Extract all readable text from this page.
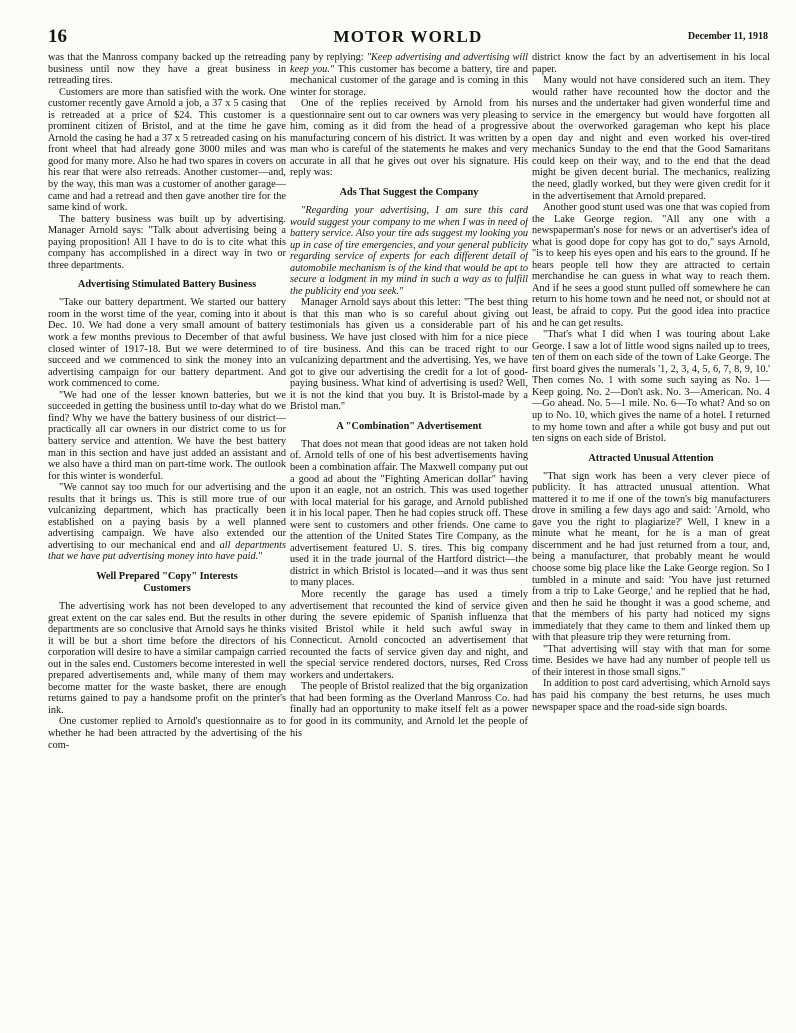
16	MOTOR WORLD	December 11, 1918

was that the Manross company backed up the retreading business until now they have a great business in retreading tires.

Customers are more than satisfied with the work. One customer recently gave Arnold a job, a 37 x 5 casing that is retreaded at a price of $24. This customer is a prominent citizen of Bristol, and at the time he gave Arnold the casing he had a 37 x 5 retreaded casing on his front wheel that had already gone 3000 miles and was good for many more. Also he had two spares in covers on his rear that were also retreads. Another customer—and, by the way, this man was a customer of another garage—came and had a retread and then gave another tire for the same kind of work.

The battery business was built up by advertising. Manager Arnold says: "Talk about advertising being a paying proposition! All I have to do is to cite what this company has accomplished in a direct way in two or three departments.

Advertising Stimulated Battery Business

"Take our battery department. We started our battery room in the worst time of the year, coming into it about Dec. 10. We had done a very small amount of battery work a few months previous to December of that awful closed winter of 1917-18. But we were determined to succeed and we commenced to sink the money into an advertising campaign for our battery department. And work commenced to come.

"We had one of the lesser known batteries, but we succeeded in getting the business until to-day what do we find? Why we have the battery business of our district—practically all car owners in our district come to us for battery service and attention. We have the best battery man in this section and have just added an assistant and we also have a third man on part-time work. The outlook for this winter is wonderful.

"We cannot say too much for our advertising and the results that it brings us. This is still more true of our vulcanizing department, which has practically been established on a paying basis by a well planned advertising campaign. We have also extended our advertising to our mechanical end and all departments that we have put advertising money into have paid."

Well Prepared "Copy" Interests
Customers

The advertising work has not been developed to any great extent on the car sales end. But the results in other departments are so conclusive that Arnold says he thinks it will be but a short time before the directors of his corporation will desire to have a similar campaign carried out in the sales end. Customers become interested in well prepared advertisements and, while many of them may become matter for the waste basket, there are enough returns gained to pay a handsome profit on the printer's ink.

One customer replied to Arnold's questionnaire as to whether he had been attracted by the advertising of the com-

pany by replying: "Keep advertising and advertising will keep you." This customer has become a battery, tire and mechanical customer of the garage and is coming in this winter for storage.

One of the replies received by Arnold from his questionnaire sent out to car owners was very pleasing to him, coming as it did from the head of a progressive manufacturing concern of his district. It was written by a man who is careful of the statements he makes and very accurate in all that he gives out over his signature. His reply was:

Ads That Suggest the Company

"Regarding your advertising, I am sure this card would suggest your company to me when I was in need of battery service. Also your tire ads suggest my looking you up in case of tire emergencies, and your general publicity regarding service of experts for each different detail of automobile mechanism is of the kind that would be apt to secure a lodgment in my mind in such a way as to fulfill the publicity end you seek."

Manager Arnold says about this letter: "The best thing is that this man who is so careful about giving out testimonials has given us a considerable part of his business. We have just closed with him for a nice piece of tire business. And this can be traced right to our vulcanizing department and the advertising. Yes, we have got to give our advertising the credit for a lot of good-paying business. What kind of advertising is used? Well, it is not the kind that you buy. It is Bristol-made by a Bristol man."

A "Combination" Advertisement

That does not mean that good ideas are not taken hold of. Arnold tells of one of his best advertisements having been a combination affair. The Maxwell company put out a good ad about the "Fighting American dollar" having upon it an eagle, not an ostrich. This was used together with local material for his garage, and Arnold published it in his local paper. Then he had copies struck off. These were sent to customers and other friends. One came to the attention of the United States Tire Company, as the advertisement featured U. S. tires. This big company used it in the trade journal of the Hartford district—the district in which Bristol is located—and it was thus sent to many places.

More recently the garage has used a timely advertisement that recounted the kind of service given during the severe epidemic of Spanish influenza that visited Bristol while it held such awful sway in Connecticut. Arnold concocted an advertisement that recounted the facts of service given day and night, and the special service rendered doctors, nurses, Red Cross workers and undertakers.

The people of Bristol realized that the big organization that had been forming as the Overland Manross Co. had finally had an opportunity to make itself felt as a power for good in its community, and Arnold let the people of his

district know the fact by an advertisement in his local paper.

Many would not have considered such an item. They would rather have recounted how the doctor and the nurses and the undertaker had given wonderful time and service in the emergency but would have forgotten all about the overworked garageman who kept his place open day and night and even worked his over-tired mechanics Sunday to the end that the Good Samaritans could keep on their way, and to the end that the dead might be given decent burial. The mechanics, realizing the need, gladly worked, but they were given credit for it in the advertisement that Arnold prepared.

Another good stunt used was one that was copied from the Lake George region. "All any one with a newspaperman's nose for news or an advertiser's idea of what is good dope for copy has got to do," says Arnold, "is to keep his eyes open and his ears to the ground. If he hears people tell how they are attracted to certain merchandise he can guess in what way to reach them. And if he sees a good stunt pulled off somewhere he can return to his home town and he need not, or should not at least, be afraid to copy. Put the good idea into practice and he can get results.

"That's what I did when I was touring about Lake George. I saw a lot of little wood signs nailed up to trees, ten of them on each side of the town of Lake George. The first board gives the numerals '1, 2, 3, 4, 5, 6, 7, 8, 9, 10.' Then comes No. 1 with some such saying as No. 1—Keep going. No. 2—Don't ask. No. 3—American. No. 4—Go ahead. No. 5—1 mile. No. 6—To what? And so on up to No. 10, which gives the name of a hotel. I returned to my home town and after a while got busy and put out ten signs on each side of Bristol.

Attracted Unusual Attention

"That sign work has been a very clever piece of publicity. It has attracted unusual attention. What mattered it to me if one of the town's big manufacturers drove in smiling a few days ago and said: 'Arnold, who gave you the right to plagiarize?' Well, I knew in a minute what he meant, for he is a man of great discernment and he had just returned from a tour, and, being a manufacturer, that probably meant he would choose some big place like the Lake George region. So I tumbled in a minute and said: 'You have just returned from a trip to Lake George,' and he replied that he had, and then he said he thought it was a good scheme, and that the members of his party had noticed my signs immediately that they came to them and linked them up with that pleasure trip they were returning from.

"That advertising will stay with that man for some time. Besides we have had any number of people tell us of their interest in those small signs."

In addition to post card advertising, which Arnold says has paid his company the best returns, he uses much newspaper space and the road-side sign boards.
